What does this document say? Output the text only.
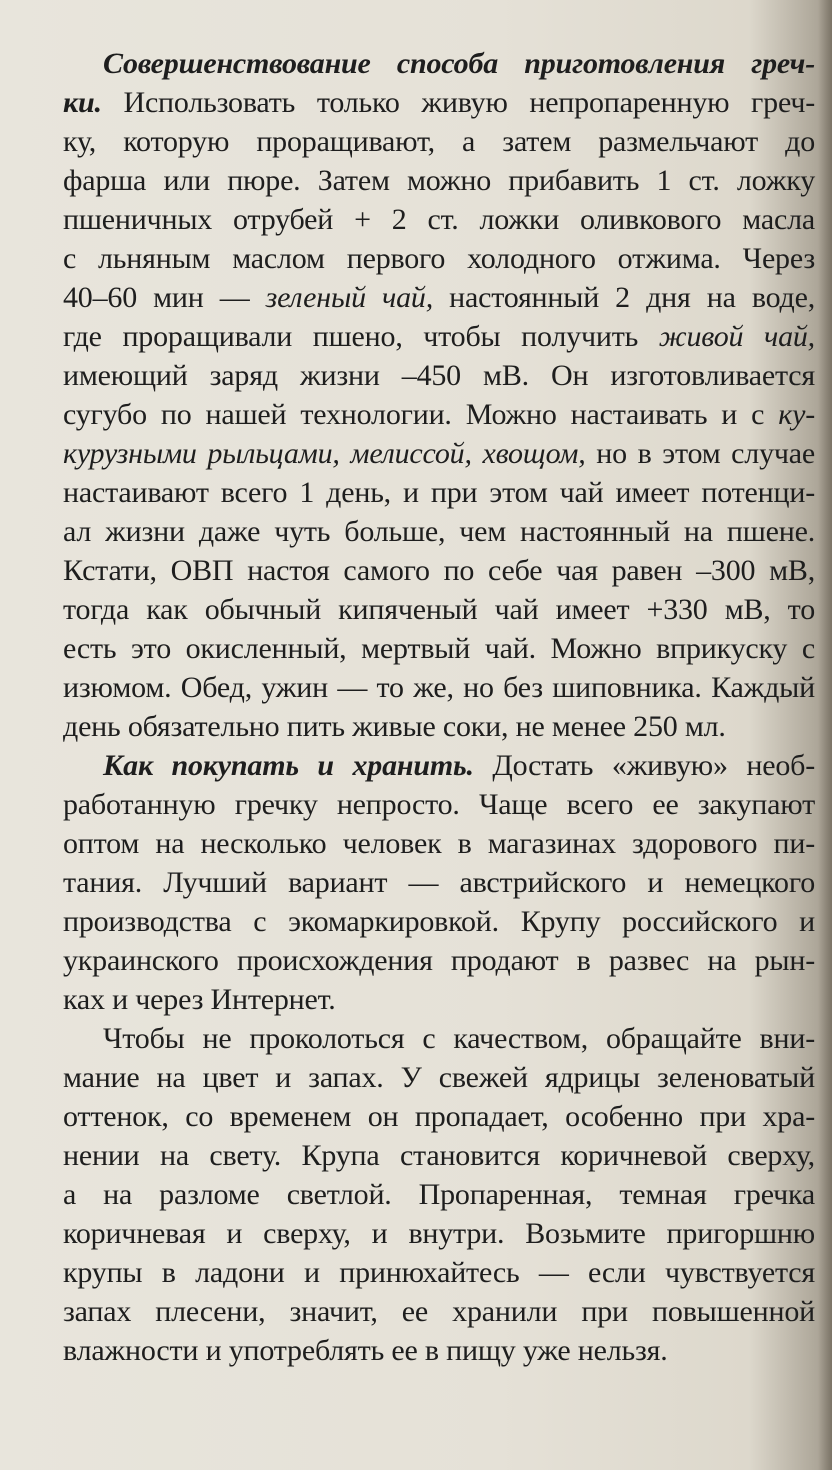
Совершенствование способа приготовления греч-
ки. Использовать только живую непропаренную греч-
ку, которую проращивают, а затем размельчают до
фарша или пюре. Затем можно прибавить 1 ст. ложку
пшеничных отрубей + 2 ст. ложки оливкового масла
с льняным маслом первого холодного отжима. Через
40–60 мин — зеленый чай, настоянный 2 дня на воде,
где проращивали пшено, чтобы получить живой чай,
имеющий заряд жизни –450 мВ. Он изготовливается
сугубо по нашей технологии. Можно настаивать и с ку-
курузными рыльцами, мелиссой, хвощом, но в этом случае
настаивают всего 1 день, и при этом чай имеет потенци-
ал жизни даже чуть больше, чем настоянный на пшене.
Кстати, ОВП настоя самого по себе чая равен –300 мВ,
тогда как обычный кипяченый чай имеет +330 мВ, то
есть это окисленный, мертвый чай. Можно вприкуску с
изюмом. Обед, ужин — то же, но без шиповника. Каждый
день обязательно пить живые соки, не менее 250 мл.
Как покупать и хранить. Достать «живую» необ-
работанную гречку непросто. Чаще всего ее закупают
оптом на несколько человек в магазинах здорового пи-
тания. Лучший вариант — австрийского и немецкого
производства с экомаркировкой. Крупу российского и
украинского происхождения продают в развес на рын-
ках и через Интернет.
Чтобы не проколоться с качеством, обращайте вни-
мание на цвет и запах. У свежей ядрицы зеленоватый
оттенок, со временем он пропадает, особенно при хра-
нении на свету. Крупа становится коричневой сверху,
а на разломе светлой. Пропаренная, темная гречка
коричневая и сверху, и внутри. Возьмите пригоршню
крупы в ладони и принюхайтесь — если чувствуется
запах плесени, значит, ее хранили при повышенной
влажности и употреблять ее в пищу уже нельзя.
